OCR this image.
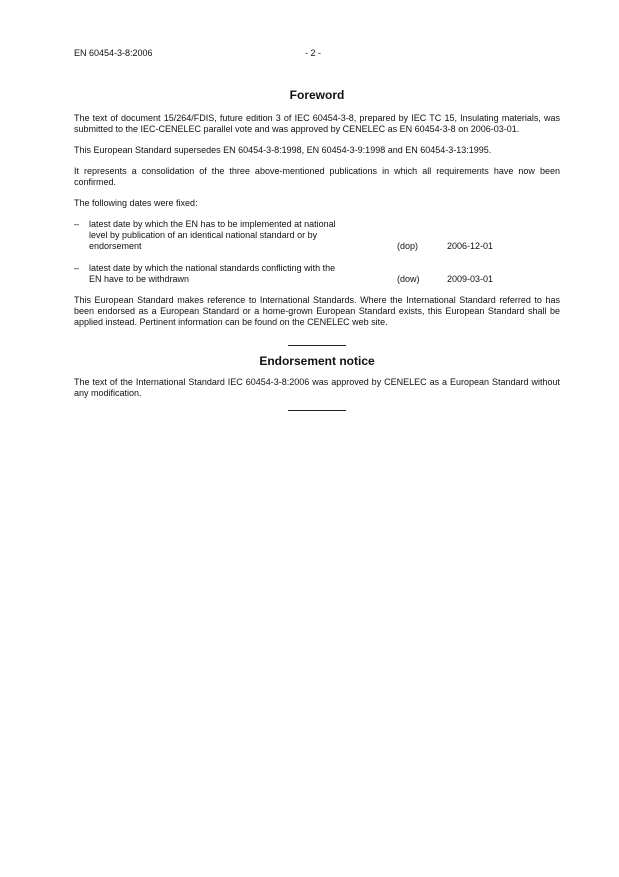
EN 60454-3-8:2006	- 2 -
Foreword

The text of document 15/264/FDIS, future edition 3 of IEC 60454-3-8, prepared by IEC TC 15, Insulating materials, was submitted to the IEC-CENELEC parallel vote and was approved by CENELEC as EN 60454-3-8 on 2006-03-01.

This European Standard supersedes EN 60454-3-8:1998, EN 60454-3-9:1998 and EN 60454-3-13:1995.

It represents a consolidation of the three above-mentioned publications in which all requirements have now been confirmed.

The following dates were fixed:

– latest date by which the EN has to be implemented at national level by publication of an identical national standard or by endorsement	(dop)	2006-12-01
– latest date by which the national standards conflicting with the EN have to be withdrawn	(dow)	2009-03-01

This European Standard makes reference to International Standards. Where the International Standard referred to has been endorsed as a European Standard or a home-grown European Standard exists, this European Standard shall be applied instead. Pertinent information can be found on the CENELEC web site.

Endorsement notice

The text of the International Standard IEC 60454-3-8:2006 was approved by CENELEC as a European Standard without any modification.
